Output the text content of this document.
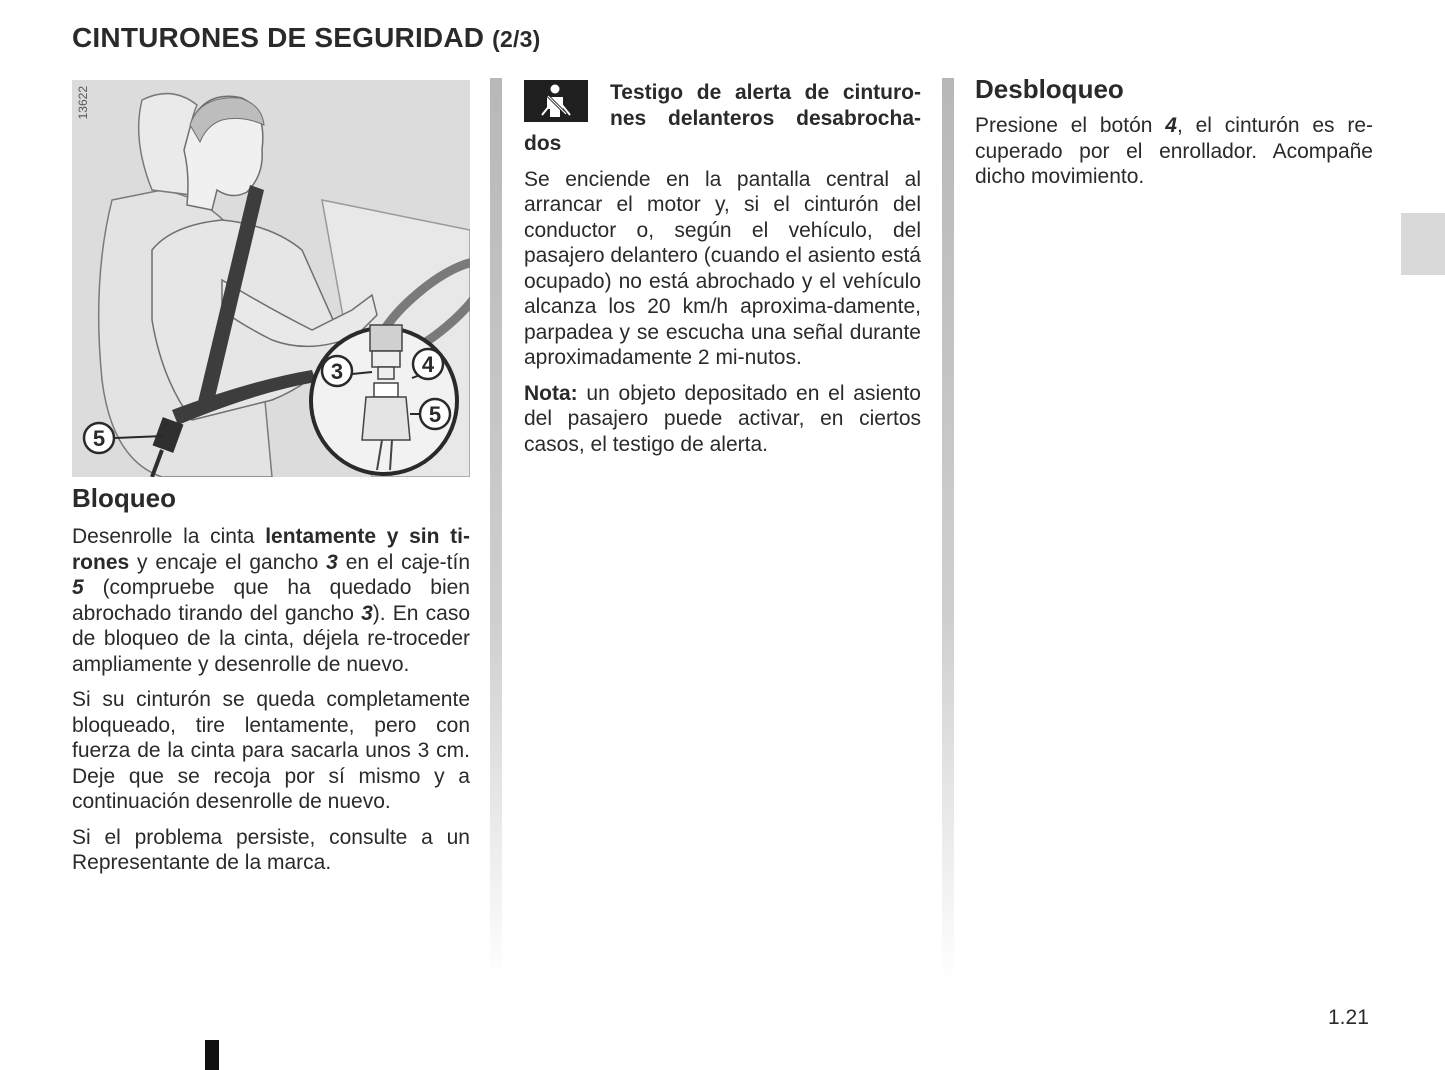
CINTURONES DE SEGURIDAD (2/3)
3	4
5
5
13622
Bloqueo

Desenrolle la cinta lentamente y sin ti-rones y encaje el gancho 3 en el caje-tín 5 (compruebe que ha quedado bien abrochado tirando del gancho 3). En caso de bloqueo de la cinta, déjela re-troceder ampliamente y desenrolle de nuevo.

Si su cinturón se queda completamente bloqueado, tire lentamente, pero con fuerza de la cinta para sacarla unos 3 cm. Deje que se recoja por sí mismo y a continuación desenrolle de nuevo.

Si el problema persiste, consulte a un Representante de la marca.

Testigo de alerta de cinturo-nes delanteros desabrocha-dos

Se enciende en la pantalla central al arrancar el motor y, si el cinturón del conductor o, según el vehículo, del pasajero delantero (cuando el asiento está ocupado) no está abrochado y el vehículo alcanza los 20 km/h aproxima-damente, parpadea y se escucha una señal durante aproximadamente 2 mi-nutos.

Nota: un objeto depositado en el asiento del pasajero puede activar, en ciertos casos, el testigo de alerta.

Desbloqueo

Presione el botón 4, el cinturón es re-cuperado por el enrollador. Acompañe dicho movimiento.

1.21
